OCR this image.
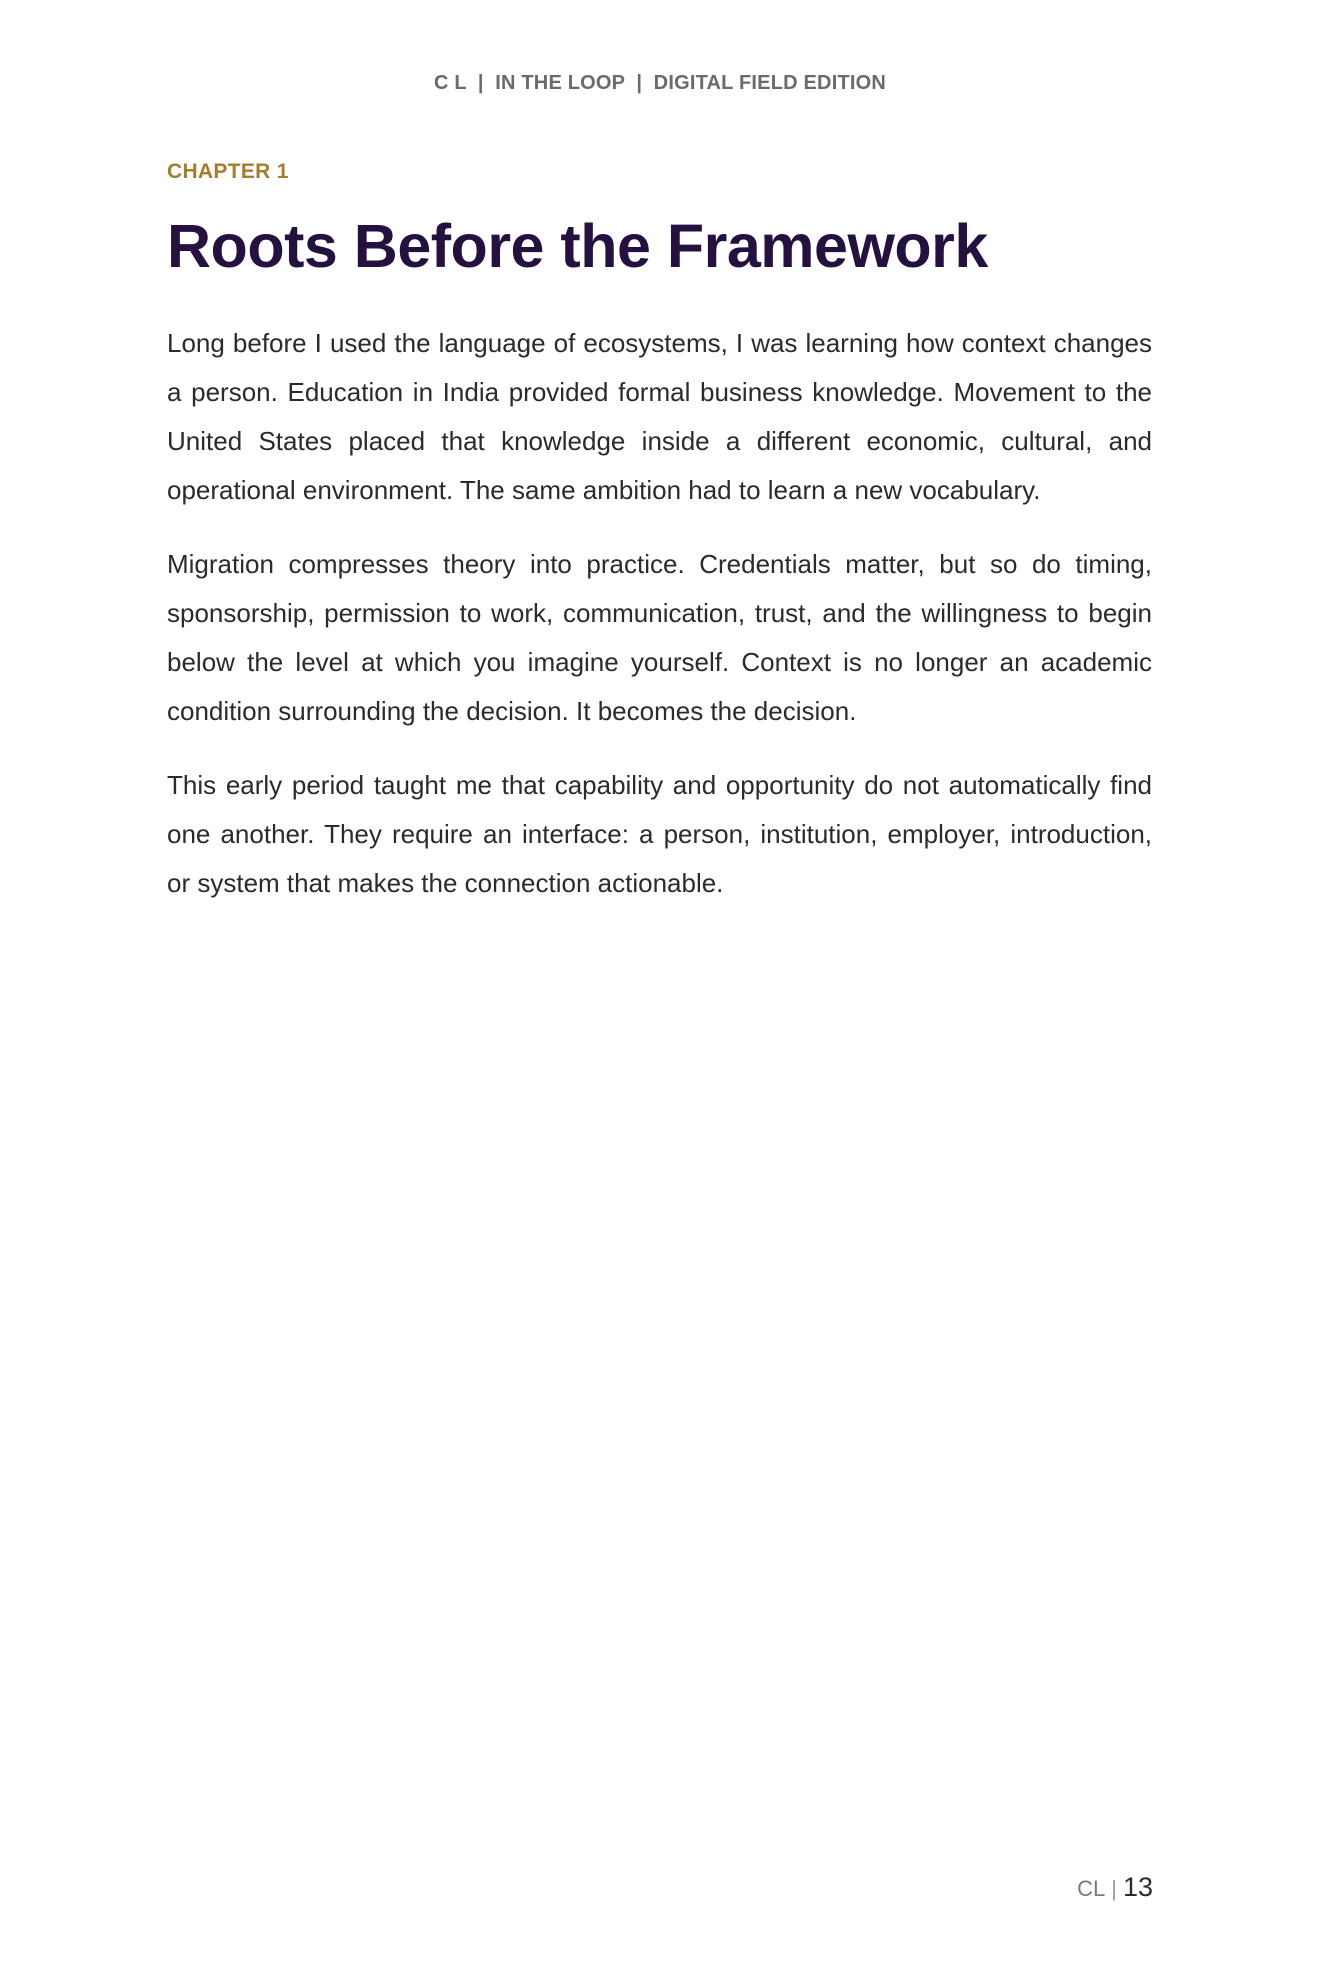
C L  |  IN THE LOOP  |  DIGITAL FIELD EDITION
CHAPTER 1
Roots Before the Framework

Long before I used the language of ecosystems, I was learning how context changes a person. Education in India provided formal business knowledge. Movement to the United States placed that knowledge inside a different economic, cultural, and operational environment. The same ambition had to learn a new vocabulary.

Migration compresses theory into practice. Credentials matter, but so do timing, sponsorship, permission to work, communication, trust, and the willingness to begin below the level at which you imagine yourself. Context is no longer an academic condition surrounding the decision. It becomes the decision.

This early period taught me that capability and opportunity do not automatically find one another. They require an interface: a person, institution, employer, introduction, or system that makes the connection actionable.

CL | 13
